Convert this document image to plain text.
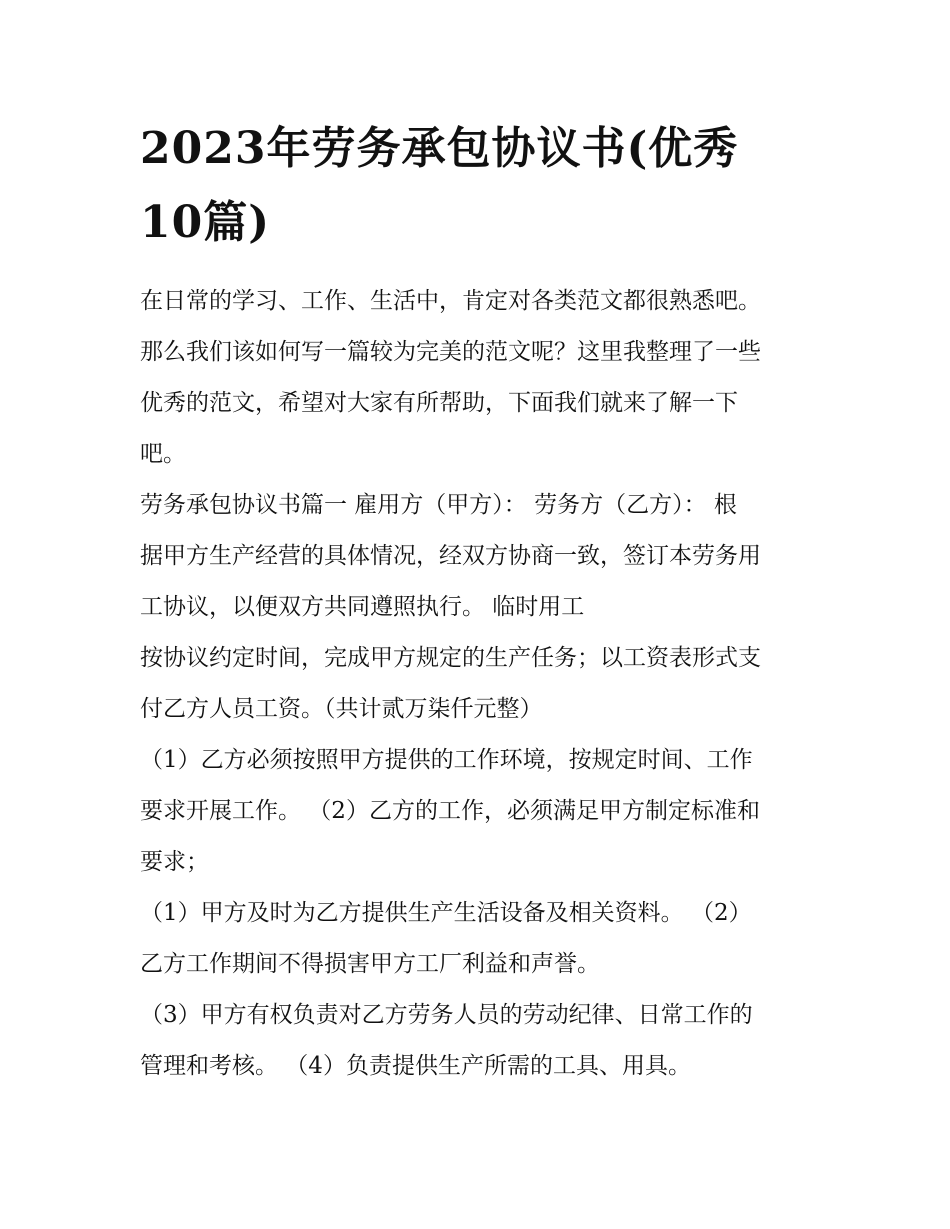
2023年劳务承包协议书(优秀
10篇)

在日常的学习、工作、生活中，肯定对各类范文都很熟悉吧。
那么我们该如何写一篇较为完美的范文呢？这里我整理了一些
优秀的范文，希望对大家有所帮助，下面我们就来了解一下
吧。

劳务承包协议书篇一 雇用方（甲方）： 劳务方（乙方）： 根
据甲方生产经营的具体情况，经双方协商一致，签订本劳务用
工协议，以便双方共同遵照执行。 临时用工

按协议约定时间，完成甲方规定的生产任务；以工资表形式支
付乙方人员工资。（共计贰万柒仟元整）

（1）乙方必须按照甲方提供的工作环境，按规定时间、工作
要求开展工作。 （2）乙方的工作，必须满足甲方制定标准和
要求；

（1）甲方及时为乙方提供生产生活设备及相关资料。 （2）
乙方工作期间不得损害甲方工厂利益和声誉。

（3）甲方有权负责对乙方劳务人员的劳动纪律、日常工作的
管理和考核。 （4）负责提供生产所需的工具、用具。
